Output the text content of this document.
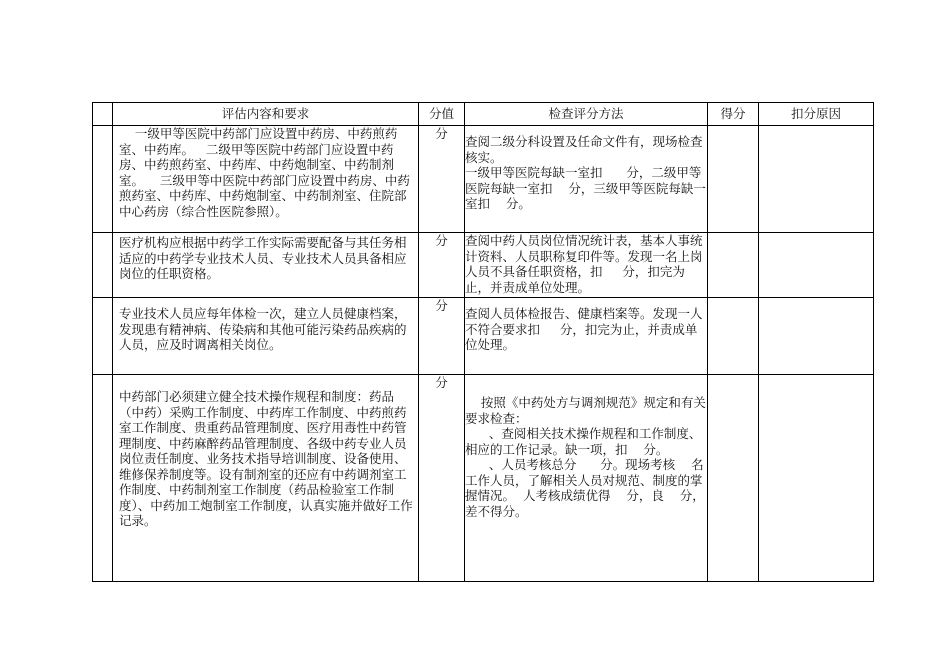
	评估内容和要求	分值	检查评分方法	得分	扣分原因
	一级甲等医院中药部门应设置中药房、中药煎药室、中药库。   二级甲等医院中药部门应设置中药房、中药煎药室、中药库、中药炮制室、中药制剂室。    三级甲等中医院中药部门应设置中药房、中药煎药室、中药库、中药炮制室、中药制剂室、住院部中心药房（综合性医院参照）。	分	查阅二级分科设置及任命文件有，现场检查核实。
一级甲等医院每缺一室扣      分，二级甲等医院每缺一室扣    分，三级甲等医院每缺一室扣    分。		
	医疗机构应根据中药学工作实际需要配备与其任务相适应的中药学专业技术人员、专业技术人员具备相应岗位的任职资格。	分	查阅中药人员岗位情况统计表，基本人事统计资料、人员职称复印件等。发现一名上岗人员不具备任职资格，扣     分，扣完为止，并责成单位处理。		
	专业技术人员应每年体检一次，建立人员健康档案，发现患有精神病、传染病和其他可能污染药品疾病的人员，应及时调离相关岗位。	分	查阅人员体检报告、健康档案等。发现一人不符合要求扣     分，扣完为止，并责成单位处理。		
	中药部门必须建立健全技术操作规程和制度：药品（中药）采购工作制度、中药库工作制度、中药煎药室工作制度、贵重药品管理制度、医疗用毒性中药管理制度、中药麻醉药品管理制度、各级中药专业人员岗位责任制度、业务技术指导培训制度、设备使用、维修保养制度等。设有制剂室的还应有中药调剂室工作制度、中药制剂室工作制度（药品检验室工作制度）、中药加工炮制室工作制度，认真实施并做好工作记录。	分	按照《中药处方与调剂规范》规定和有关要求检查：
、查阅相关技术操作规程和工作制度、相应的工作记录。缺一项，扣    分。
、人员考核总分      分。现场考核    名工作人员，了解相关人员对规范、制度的掌握情况。  人考核成绩优得    分，良    分，差不得分。		
